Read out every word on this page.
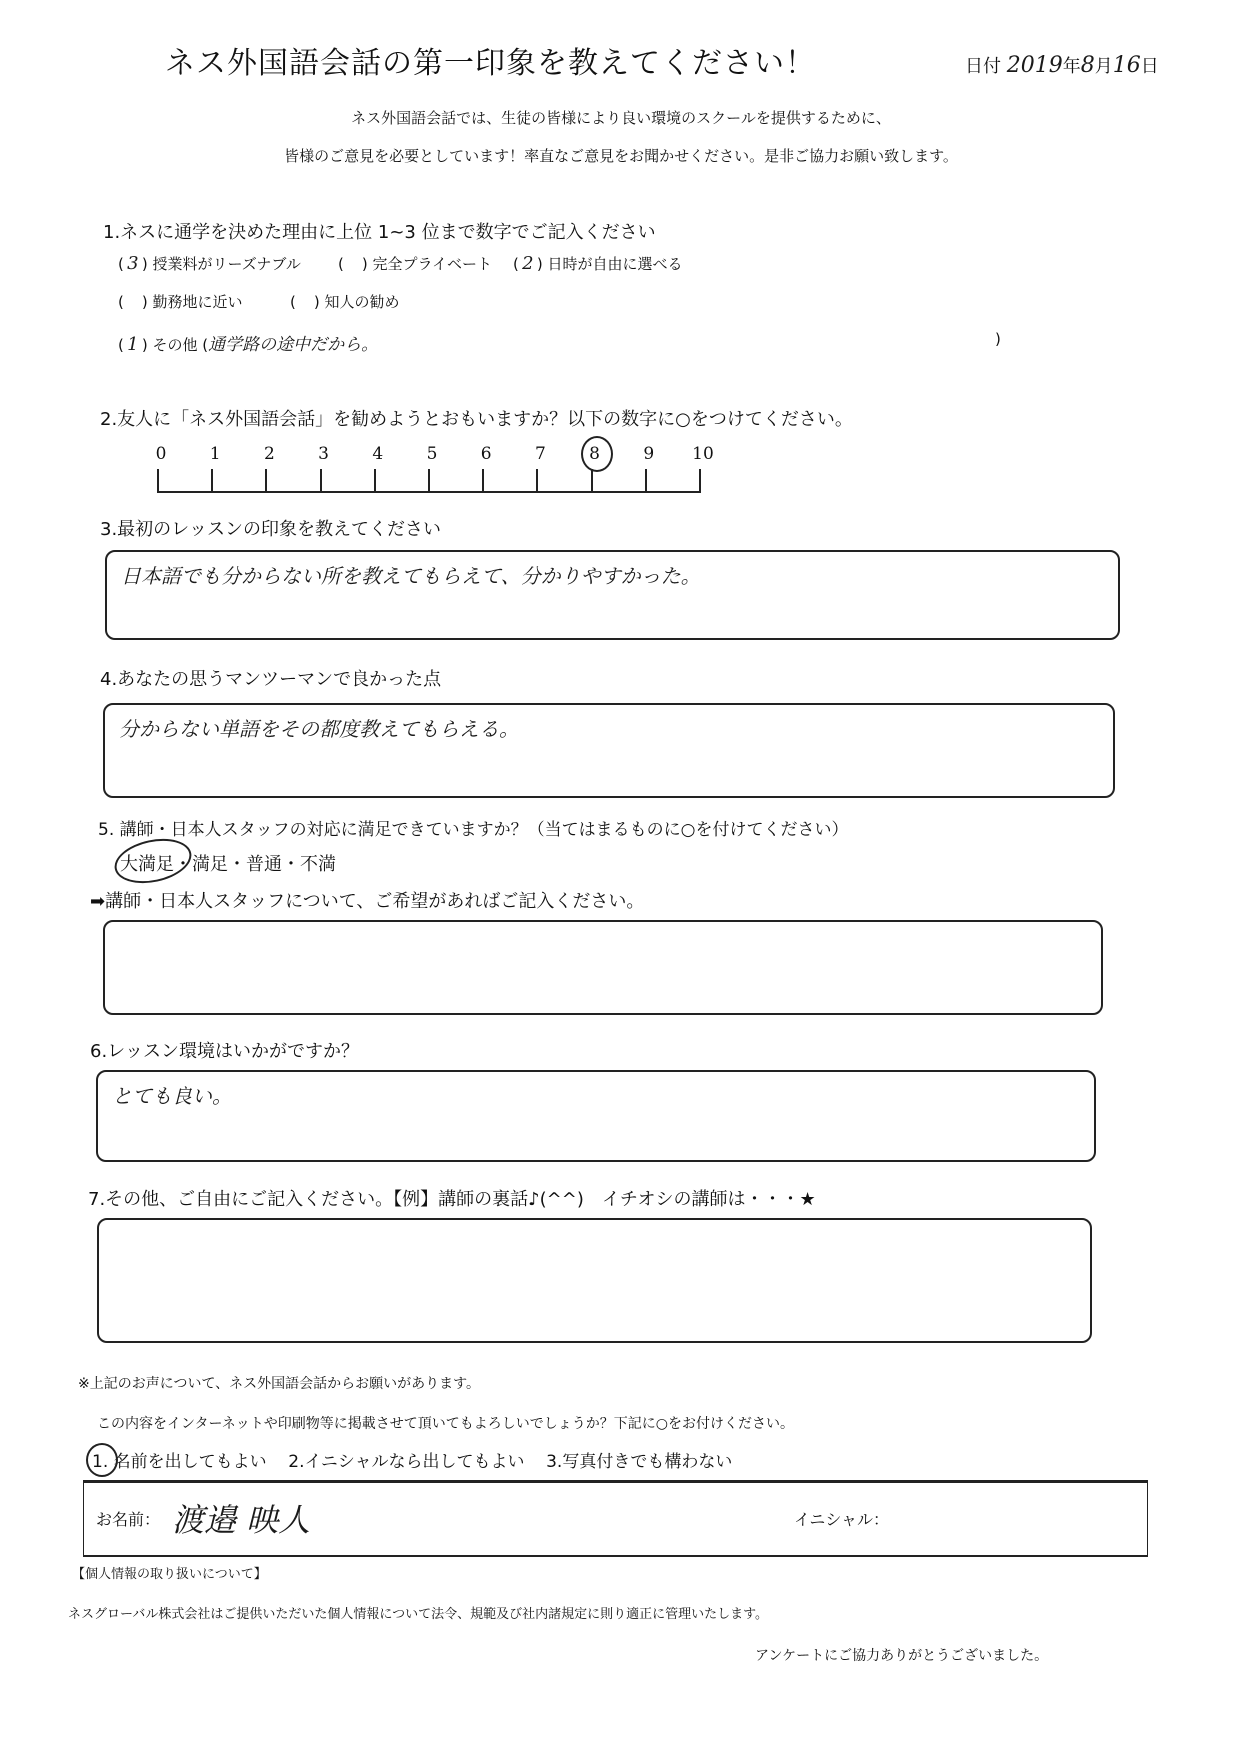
ネス外国語会話の第一印象を教えてください！	日付 2019年8月16日
ネス外国語会話では、生徒の皆様により良い環境のスクールを提供するために、
皆様のご意見を必要としています！率直なご意見をお聞かせください。是非ご協力お願い致します。
1.ネスに通学を決めた理由に上位 1~3 位まで数字でご記入ください
( 3 ) 授業料がリーズナブル ( ) 完全プライベート ( 2 ) 日時が自由に選べる
( ) 勤務地に近い	( ) 知人の勧め
( 1 ) その他 (通学路の途中だから。	)
2.友人に「ネス外国語会話」を勧めようとおもいますか？以下の数字に○をつけてください。
0	1	2	3	4	5	6	7	8	9 10
3.最初のレッスンの印象を教えてください
日本語でも分からない所を教えてもらえて、分かりやすかった。
4.あなたの思うマンツーマンで良かった点
分からない単語をその都度教えてもらえる。
5. 講師・日本人スタッフの対応に満足できていますか？（当てはまるものに○を付けてください）
大満足・満足・普通・不満
➡講師・日本人スタッフについて、ご希望があればご記入ください。
6.レッスン環境はいかがですか？
とても良い。
7.その他、ご自由にご記入ください。【例】講師の裏話♪(^^)　イチオシの講師は・・・★
※上記のお声について、ネス外国語会話からお願いがあります。
この内容をインターネットや印刷物等に掲載させて頂いてもよろしいでしょうか？下記に○をお付けください。
1. 名前を出してもよい 2.イニシャルなら出してもよい 3.写真付きでも構わない
お名前： 渡邉 映人	イニシャル：
【個人情報の取り扱いについて】
ネスグローバル株式会社はご提供いただいた個人情報について法令、規範及び社内諸規定に則り適正に管理いたします。
アンケートにご協力ありがとうございました。
